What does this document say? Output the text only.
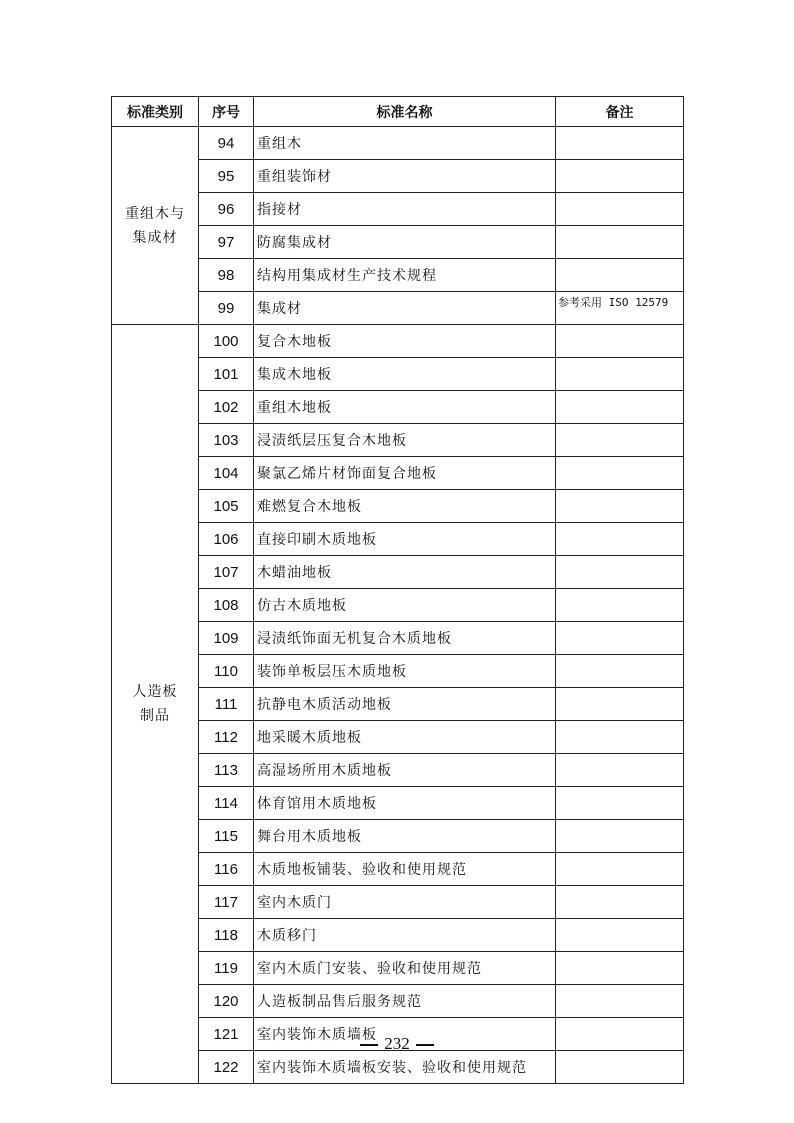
标准类别	序号	标准名称	备注

重组木与
集成材	94	重组木	
	95	重组装饰材	
	96	指接材	
	97	防腐集成材	
	98	结构用集成材生产技术规程	
	99	集成材	参考采用 ISO 12579

人造板
制品	100	复合木地板	
	101	集成木地板	
	102	重组木地板	
	103	浸渍纸层压复合木地板	
	104	聚氯乙烯片材饰面复合地板	
	105	难燃复合木地板	
	106	直接印刷木质地板	
	107	木蜡油地板	
	108	仿古木质地板	
	109	浸渍纸饰面无机复合木质地板	
	110	装饰单板层压木质地板	
	111	抗静电木质活动地板	
	112	地采暖木质地板	
	113	高湿场所用木质地板	
	114	体育馆用木质地板	
	115	舞台用木质地板	
	116	木质地板铺装、验收和使用规范	
	117	室内木质门	
	118	木质移门	
	119	室内木质门安装、验收和使用规范	
	120	人造板制品售后服务规范	
	121	室内装饰木质墙板	
	122	室内装饰木质墙板安装、验收和使用规范	
232
